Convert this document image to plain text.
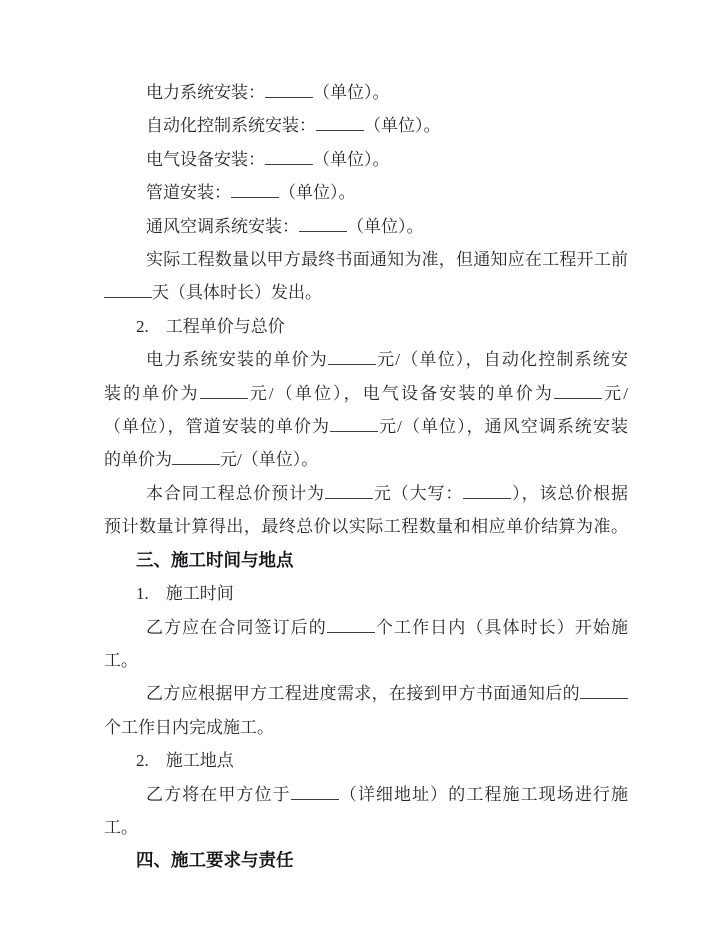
电力系统安装：	（单位）。
自动化控制系统安装：	（单位）。
电气设备安装：	（单位）。
管道安装：	（单位）。
通风空调系统安装：	（单位）。
实际工程数量以甲方最终书面通知为准，但通知应在工程开工前
天（具体时长）发出。
2.　工程单价与总价
电力系统安装的单价为	元/（单位），自动化控制系统安
装的单价为	元/（单位），电气设备安装的单价为	元/
（单位），管道安装的单价为	元/（单位），通风空调系统安装
的单价为	元/（单位）。
本合同工程总价预计为	元（大写：	），该总价根据
预计数量计算得出，最终总价以实际工程数量和相应单价结算为准。
三、施工时间与地点
1.　施工时间
乙方应在合同签订后的	个工作日内（具体时长）开始施
工。
乙方应根据甲方工程进度需求，在接到甲方书面通知后的
个工作日内完成施工。
2.　施工地点
乙方将在甲方位于	（详细地址）的工程施工现场进行施
工。
四、施工要求与责任
